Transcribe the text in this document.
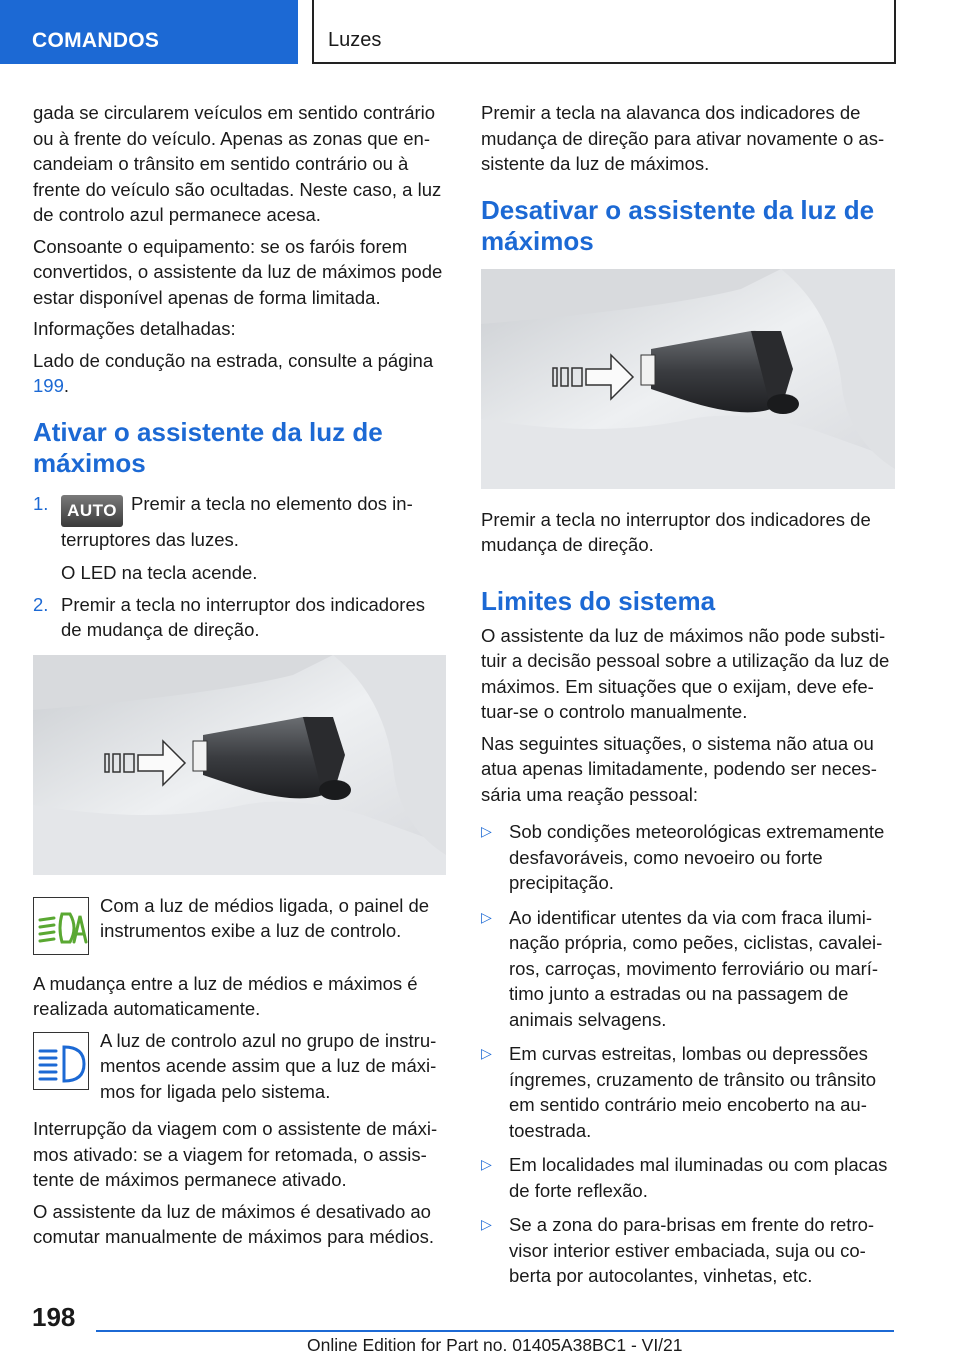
COMANDOS	Luzes

gada se circularem veículos em sentido contrário ou à frente do veículo. Apenas as zonas que encandeiam o trânsito em sentido contrário ou à frente do veículo são ocultadas. Neste caso, a luz de controlo azul permanece acesa.

Consoante o equipamento: se os faróis forem convertidos, o assistente da luz de máximos pode estar disponível apenas de forma limitada.

Informações detalhadas:

Lado de condução na estrada, consulte a página 199.

Ativar o assistente da luz de máximos
1. AUTO Premir a tecla no elemento dos interruptores das luzes.
O LED na tecla acende.
2. Premir a tecla no interruptor dos indicadores de mudança de direção.

Com a luz de médios ligada, o painel de instrumentos exibe a luz de controlo.

A mudança entre a luz de médios e máximos é realizada automaticamente.

A luz de controlo azul no grupo de instrumentos acende assim que a luz de máximos for ligada pelo sistema.

Interrupção da viagem com o assistente de máximos ativado: se a viagem for retomada, o assistente de máximos permanece ativado.

O assistente da luz de máximos é desativado ao comutar manualmente de máximos para médios.

Premir a tecla na alavanca dos indicadores de mudança de direção para ativar novamente o assistente da luz de máximos.

Desativar o assistente da luz de máximos

Premir a tecla no interruptor dos indicadores de mudança de direção.

Limites do sistema

O assistente da luz de máximos não pode substituir a decisão pessoal sobre a utilização da luz de máximos. Em situações que o exijam, deve efetuar-se o controlo manualmente.

Nas seguintes situações, o sistema não atua ou atua apenas limitadamente, podendo ser necessária uma reação pessoal:

▷ Sob condições meteorológicas extremamente desfavoráveis, como nevoeiro ou forte precipitação.
▷ Ao identificar utentes da via com fraca iluminação própria, como peões, ciclistas, cavaleiros, carroças, movimento ferroviário ou marítimo junto a estradas ou na passagem de animais selvagens.
▷ Em curvas estreitas, lombas ou depressões íngremes, cruzamento de trânsito ou trânsito em sentido contrário meio encoberto na autoestrada.
▷ Em localidades mal iluminadas ou com placas de forte reflexão.
▷ Se a zona do para-brisas em frente do retrovisor interior estiver embaciada, suja ou coberta por autocolantes, vinhetas, etc.
198
Online Edition for Part no. 01405A38BC1 - VI/21
